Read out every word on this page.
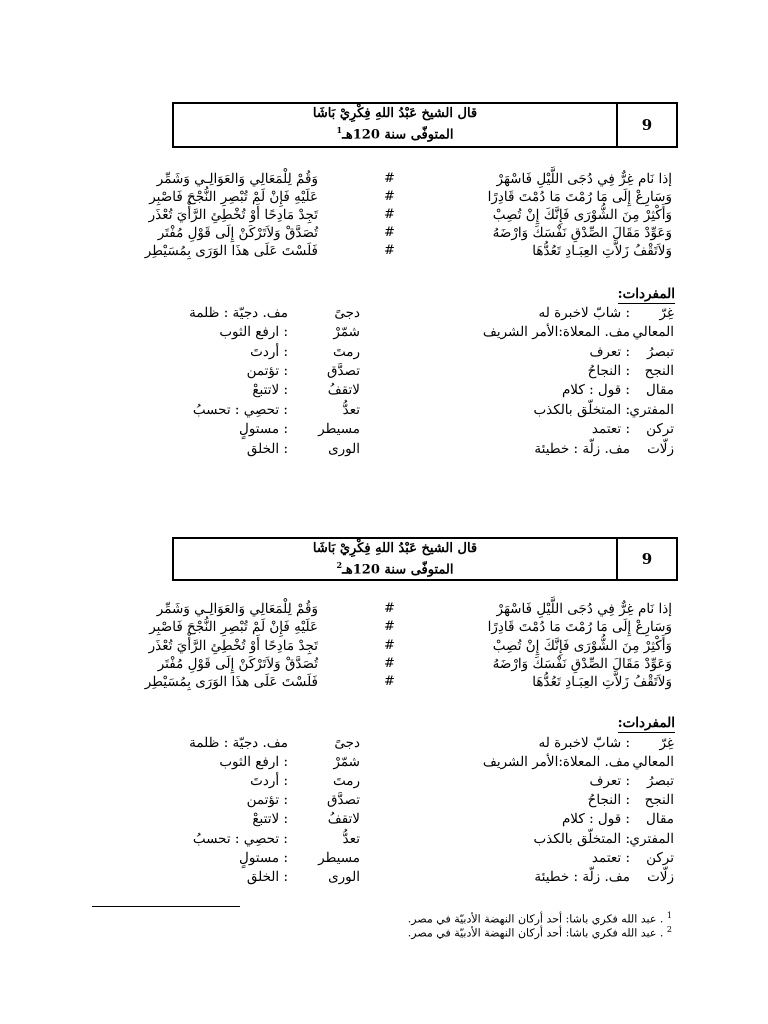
9
قال الشيخ عَبْدُ اللهِ فِكْرِيْ بَاشَا
المتوفّى سنة 120هـ$^1$
إذا نَام غِرٌّ فِي دُجَى اللَّيْلِ فَاسْهَرْ
#
وَقُمْ لِلْمَعَالِي وَالعَوَالِـي وَشَمِّر
وَسَارِعْ إِلَى مَا رُمْتَ مَا دُمْتَ قَادِرًا
#
عَلَيْهِ فَإِنْ لَمْ تُبْصِرِ النُّجْحَ فَاصْبِر
وَأَكْثِرْ مِنَ الشُّوْرَى فَإِنَّكَ إِنْ تُصِبْ
#
تَجِدْ مَادِحًا أَوْ تُخْطِئِ الرَّأْيَ تُعْذَر
وَعَوِّدْ مَقَالَ الصِّدْقِ نَفْسَكَ وَارْضَهُ
#
تُصَدَّقْ وَلاَتَرْكَنْ إِلَى قَوْلِ مُفْتَر
وَلاَتَقْفُ زَلاَّتِ العِبَـادِ تَعُدُّهَا
#
فَلَسْتَ عَلَى هذَا الوَرَى بِمُسَيْطِر
المفردات:
غِرّ
: شابّ لاخبرة له
دجىً
مف. دجيّة : ظلمة
المعالي
مف. المعلاة:الأمر الشريف
شمّرْ
: ارفع الثوب
تبصرُ
: تعرف
رمتَ
: أردتَ
النجح
: النجاحُ
تصدَّق
: تؤتمن
مقال
: قول : كلام
لاتقفُ
: لاتتبعْ
المفتري
: المتخلّق بالكذب
تعدُّ
: تحصِي : تحسبُ
تركن
: تعتمد
مسيطر
: مستولٍ
زلّات
مف. زلّة : خطيئة
الورى
: الخلق
9
قال الشيخ عَبْدُ اللهِ فِكْرِيْ بَاشَا
المتوفّى سنة 120هـ$^2$
إذا نَام غِرٌّ فِي دُجَى اللَّيْلِ فَاسْهَرْ
#
وَقُمْ لِلْمَعَالِي وَالعَوَالِـي وَشَمِّر
وَسَارِعْ إِلَى مَا رُمْتَ مَا دُمْتَ قَادِرًا
#
عَلَيْهِ فَإِنْ لَمْ تُبْصِرِ النُّجْحَ فَاصْبِر
وَأَكْثِرْ مِنَ الشُّوْرَى فَإِنَّكَ إِنْ تُصِبْ
#
تَجِدْ مَادِحًا أَوْ تُخْطِئِ الرَّأْيَ تُعْذَر
وَعَوِّدْ مَقَالَ الصِّدْقِ نَفْسَكَ وَارْضَهُ
#
تُصَدَّقْ وَلاَتَرْكَنْ إِلَى قَوْلِ مُفْتَر
وَلاَتَقْفُ زَلاَّتِ العِبَـادِ تَعُدُّهَا
#
فَلَسْتَ عَلَى هذَا الوَرَى بِمُسَيْطِر
المفردات:
غِرّ
: شابّ لاخبرة له
دجىً
مف. دجيّة : ظلمة
المعالي
مف. المعلاة:الأمر الشريف
شمّرْ
: ارفع الثوب
تبصرُ
: تعرف
رمتَ
: أردتَ
النجح
: النجاحُ
تصدَّق
: تؤتمن
مقال
: قول : كلام
لاتقفُ
: لاتتبعْ
المفتري
: المتخلّق بالكذب
تعدُّ
: تحصِي : تحسبُ
تركن
: تعتمد
مسيطر
: مستولٍ
زلّات
مف. زلّة : خطيئة
الورى
: الخلق
$^1$ . عبد الله فكري باشا: أحد أركان النهضة الأدبيّة في مصر.
$^2$ . عبد الله فكري باشا: أحد أركان النهضة الأدبيّة في مصر.
